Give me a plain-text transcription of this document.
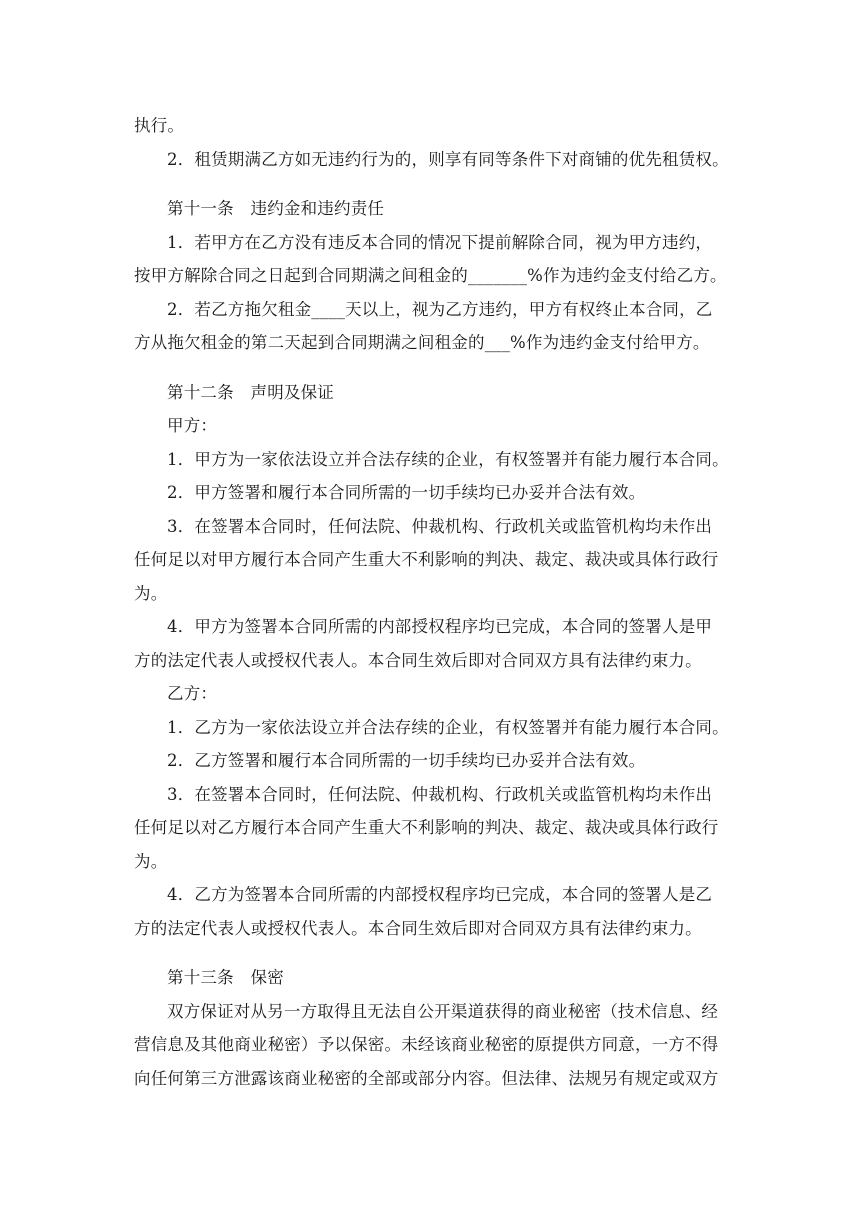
执行。
2．租赁期满乙方如无违约行为的，则享有同等条件下对商铺的优先租赁权。
第十一条　违约金和违约责任
1．若甲方在乙方没有违反本合同的情况下提前解除合同，视为甲方违约，
按甲方解除合同之日起到合同期满之间租金的_______%作为违约金支付给乙方。
2．若乙方拖欠租金____天以上，视为乙方违约，甲方有权终止本合同，乙
方从拖欠租金的第二天起到合同期满之间租金的___%作为违约金支付给甲方。
第十二条　声明及保证
甲方：
1．甲方为一家依法设立并合法存续的企业，有权签署并有能力履行本合同。
2．甲方签署和履行本合同所需的一切手续均已办妥并合法有效。
3．在签署本合同时，任何法院、仲裁机构、行政机关或监管机构均未作出
任何足以对甲方履行本合同产生重大不利影响的判决、裁定、裁决或具体行政行
为。
4．甲方为签署本合同所需的内部授权程序均已完成，本合同的签署人是甲
方的法定代表人或授权代表人。本合同生效后即对合同双方具有法律约束力。
乙方：
1．乙方为一家依法设立并合法存续的企业，有权签署并有能力履行本合同。
2．乙方签署和履行本合同所需的一切手续均已办妥并合法有效。
3．在签署本合同时，任何法院、仲裁机构、行政机关或监管机构均未作出
任何足以对乙方履行本合同产生重大不利影响的判决、裁定、裁决或具体行政行
为。
4．乙方为签署本合同所需的内部授权程序均已完成，本合同的签署人是乙
方的法定代表人或授权代表人。本合同生效后即对合同双方具有法律约束力。
第十三条　保密
双方保证对从另一方取得且无法自公开渠道获得的商业秘密（技术信息、经
营信息及其他商业秘密）予以保密。未经该商业秘密的原提供方同意，一方不得
向任何第三方泄露该商业秘密的全部或部分内容。但法律、法规另有规定或双方
